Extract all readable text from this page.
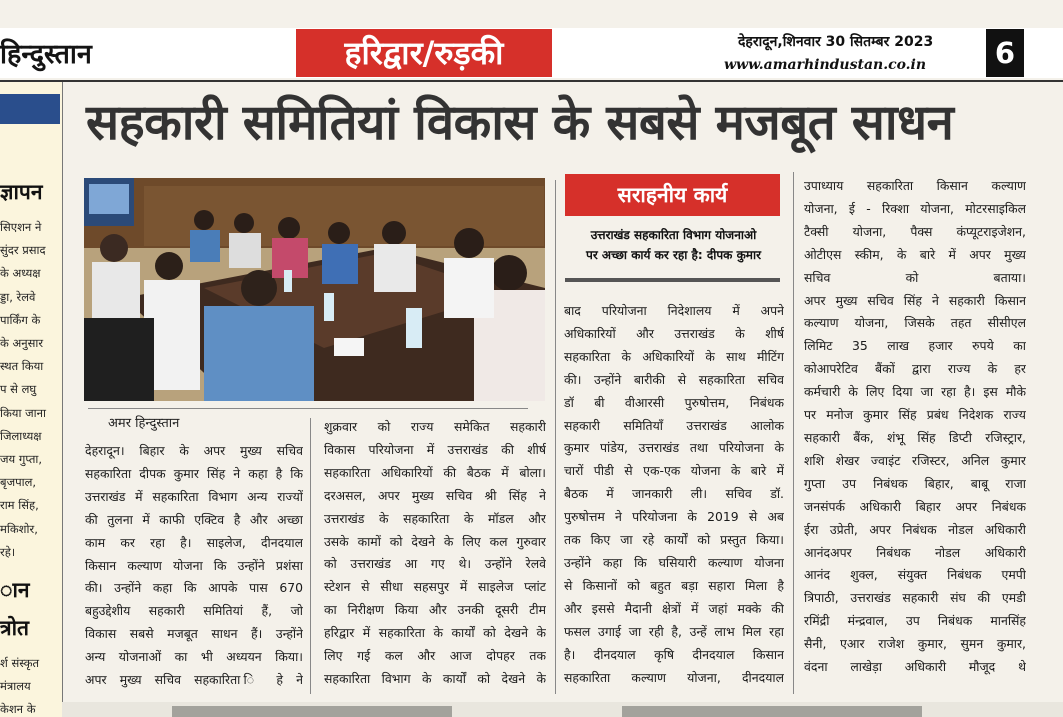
हिन्दुस्तान	हरिद्वार/रुड़की	देहरादून,शिनवार 30 सितम्बर 2023
www.amarhindustan.co.in	6
ज्ञापन
सिएशन ने
सुंदर प्रसाद
के अध्यक्ष
ड्डा, रेलवे
पार्किंग के
के अनुसार
स्थत किया
प से लघु
किया जाना
जिलाध्यक्ष
जय गुप्ता,
बृजपाल,
राम सिंह,
मकिशोर,
रहे।
ान
त्रोत
र्श संस्कृत
मंत्रालय
केशन के
सहकारी समितियां विकास के सबसे मजबूत साधन
अमर हिन्दुस्तान
सराहनीय कार्य
उत्तराखंड सहकारिता विभाग योजनाओ
पर अच्छा कार्य कर रहा है: दीपक कुमार
देहरादून। बिहार के अपर मुख्य सचिव
सहकारिता दीपक कुमार सिंह ने कहा है कि
उत्तराखंड में सहकारिता विभाग अन्य राज्यों
की तुलना में काफी एक्टिव है और अच्छा
काम कर रहा है। साइलेज, दीनदयाल
किसान कल्याण योजना कि उन्होंने प्रशंसा
की। उन्होंने कहा कि आपके पास 670
बहुउद्देशीय सहकारी समितियां हैं, जो
विकास सबसे मजबूत साधन हैं। उन्होंने
अन्य योजनाओं का भी अध्ययन किया।
अपर मुख्य सचिव सहकारिता ि हे ने
शुक्रवार को राज्य समेकित सहकारी
विकास परियोजना में उत्तराखंड की शीर्ष
सहकारिता अधिकारियों की बैठक में बोला।
दरअसल, अपर मुख्य सचिव श्री सिंह ने
उत्तराखंड के सहकारिता के मॉडल और
उसके कामों को देखने के लिए कल गुरुवार
को उत्तराखंड आ गए थे। उन्होंने रेलवे
स्टेशन से सीधा सहसपुर में साइलेज प्लांट
का निरीक्षण किया और उनकी दूसरी टीम
हरिद्वार में सहकारिता के कार्यों को देखने के
लिए गई कल और आज दोपहर तक
सहकारिता विभाग के कार्यों को देखने के
बाद परियोजना निदेशालय में अपने
अधिकारियों और उत्तराखंड के शीर्ष
सहकारिता के अधिकारियों के साथ मीटिंग
की। उन्होंने बारीकी से सहकारिता सचिव
डॉ बी वीआरसी पुरुषोत्तम, निबंधक
सहकारी समितियाँ उत्तराखंड आलोक
कुमार पांडेय, उत्तराखंड तथा परियोजना के
चारों पीडी से एक-एक योजना के बारे में
बैठक में जानकारी ली। सचिव डॉ.
पुरुषोत्तम ने परियोजना के 2019 से अब
तक किए जा रहे कार्यों को प्रस्तुत किया।
उन्होंने कहा कि घसियारी कल्याण योजना
से किसानों को बहुत बड़ा सहारा मिला है
और इससे मैदानी क्षेत्रों में जहां मक्के की
फसल उगाई जा रही है, उन्हें लाभ मिल रहा
है। दीनदयाल कृषि दीनदयाल किसान
सहकारिता कल्याण योजना, दीनदयाल
उपाध्याय सहकारिता किसान कल्याण
योजना, ई - रिक्शा योजना, मोटरसाइकिल
टैक्सी योजना, पैक्स कंप्यूटराइजेशन,
ओटीएस स्कीम, के बारे में अपर मुख्य
सचिव को बताया।
अपर मुख्य सचिव सिंह ने सहकारी किसान
कल्याण योजना, जिसके तहत सीसीएल
लिमिट 35 लाख हजार रुपये का
कोआपरेटिव बैंकों द्वारा राज्य के हर
कर्मचारी के लिए दिया जा रहा है। इस मौके
पर मनोज कुमार सिंह प्रबंध निदेशक राज्य
सहकारी बैंक, शंभू सिंह डिप्टी रजिस्ट्रार,
शशि शेखर ज्वाइंट रजिस्टर, अनिल कुमार
गुप्ता उप निबंधक बिहार, बाबू राजा
जनसंपर्क अधिकारी बिहार अपर निबंधक
ईरा उप्रेती, अपर निबंधक नोडल अधिकारी
आनंदअपर निबंधक नोडल अधिकारी
आनंद शुक्ल, संयुक्त निबंधक एमपी
त्रिपाठी, उत्तराखंड सहकारी संघ की एमडी
रमिंद्री मंन्द्रवाल, उप निबंधक मानसिंह
सैनी, एआर राजेश कुमार, सुमन कुमार,
वंदना लाखेड़ा अधिकारी मौजूद थे
